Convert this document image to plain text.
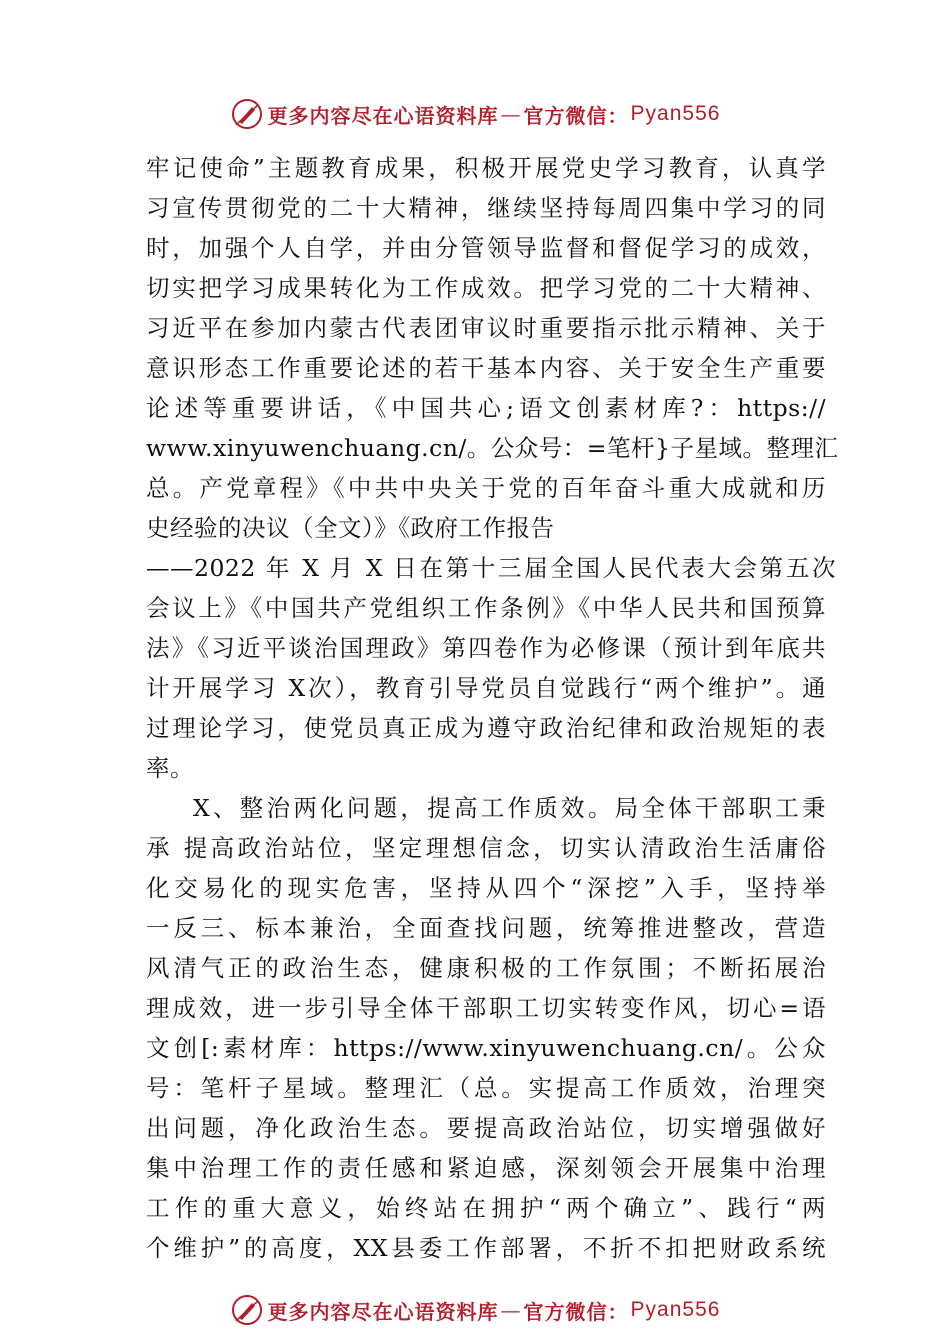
更多内容尽在心语资料库 — 官方微信： Pyan556
牢记使命”主题教育成果，积极开展党史学习教育，认真学
习宣传贯彻党的二十大精神，继续坚持每周四集中学习的同
时，加强个人自学，并由分管领导监督和督促学习的成效，
切实把学习成果转化为工作成效。把学习党的二十大精神、
习近平在参加内蒙古代表团审议时重要指示批示精神、关于
意识形态工作重要论述的若干基本内容、关于安全生产重要
论述等重要讲话，《中国共心;语文创素材库?：https://
www.xinyuwenchuang.cn/。公众号：=笔杆}子星域。整理汇
总。产党章程》《中共中央关于党的百年奋斗重大成就和历
史经验的决议（全文）》《政府工作报告
——2022 年 X 月 X 日在第十三届全国人民代表大会第五次
会议上》《中国共产党组织工作条例》《中华人民共和国预算
法》《习近平谈治国理政》第四卷作为必修课（预计到年底共
计开展学习 X次），教育引导党员自觉践行“两个维护”。通
过理论学习，使党员真正成为遵守政治纪律和政治规矩的表
率。
X、整治两化问题，提高工作质效。局全体干部职工秉
承 提高政治站位，坚定理想信念，切实认清政治生活庸俗
化交易化的现实危害，坚持从四个“深挖”入手，坚持举
一反三、标本兼治，全面查找问题，统筹推进整改，营造
风清气正的政治生态，健康积极的工作氛围；不断拓展治
理成效，进一步引导全体干部职工切实转变作风，切心=语
文创[:素材库：https://www.xinyuwenchuang.cn/。公众
号：笔杆子星域。整理汇（总。实提高工作质效，治理突
出问题，净化政治生态。要提高政治站位，切实增强做好
集中治理工作的责任感和紧迫感，深刻领会开展集中治理
工作的重大意义，始终站在拥护“两个确立”、践行“两
个维护”的高度，XX县委工作部署，不折不扣把财政系统
更多内容尽在心语资料库 — 官方微信： Pyan556
